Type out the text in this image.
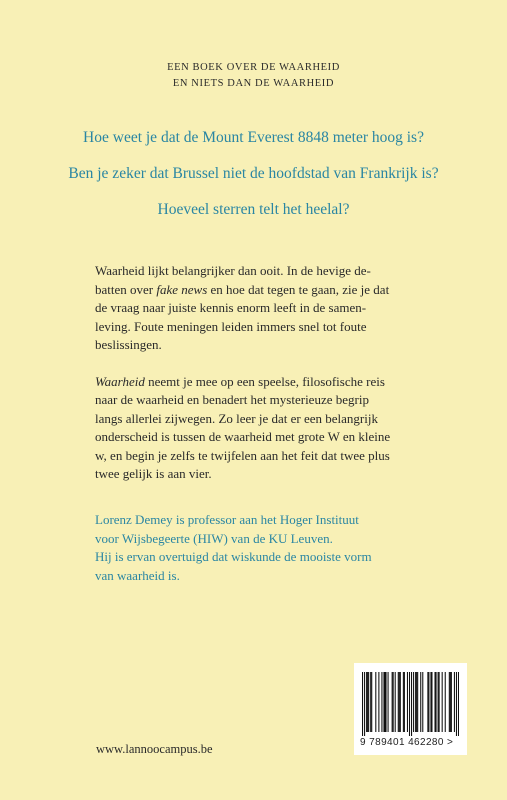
EEN BOEK OVER DE WAARHEID
EN NIETS DAN DE WAARHEID
Hoe weet je dat de Mount Everest 8848 meter hoog is?
Ben je zeker dat Brussel niet de hoofdstad van Frankrijk is?
Hoeveel sterren telt het heelal?

Waarheid lijkt belangrijker dan ooit. In de hevige de-
batten over fake news en hoe dat tegen te gaan, zie je dat
de vraag naar juiste kennis enorm leeft in de samen-
leving. Foute meningen leiden immers snel tot foute
beslissingen.

Waarheid neemt je mee op een speelse, filosofische reis
naar de waarheid en benadert het mysterieuze begrip
langs allerlei zijwegen. Zo leer je dat er een belangrijk
onderscheid is tussen de waarheid met grote W en kleine
w, en begin je zelfs te twijfelen aan het feit dat twee plus
twee gelijk is aan vier.

Lorenz Demey is professor aan het Hoger Instituut
voor Wijsbegeerte (HIW) van de KU Leuven.
Hij is ervan overtuigd dat wiskunde de mooiste vorm
van waarheid is.
www.lannoocampus.be	9 789401 462280 >
